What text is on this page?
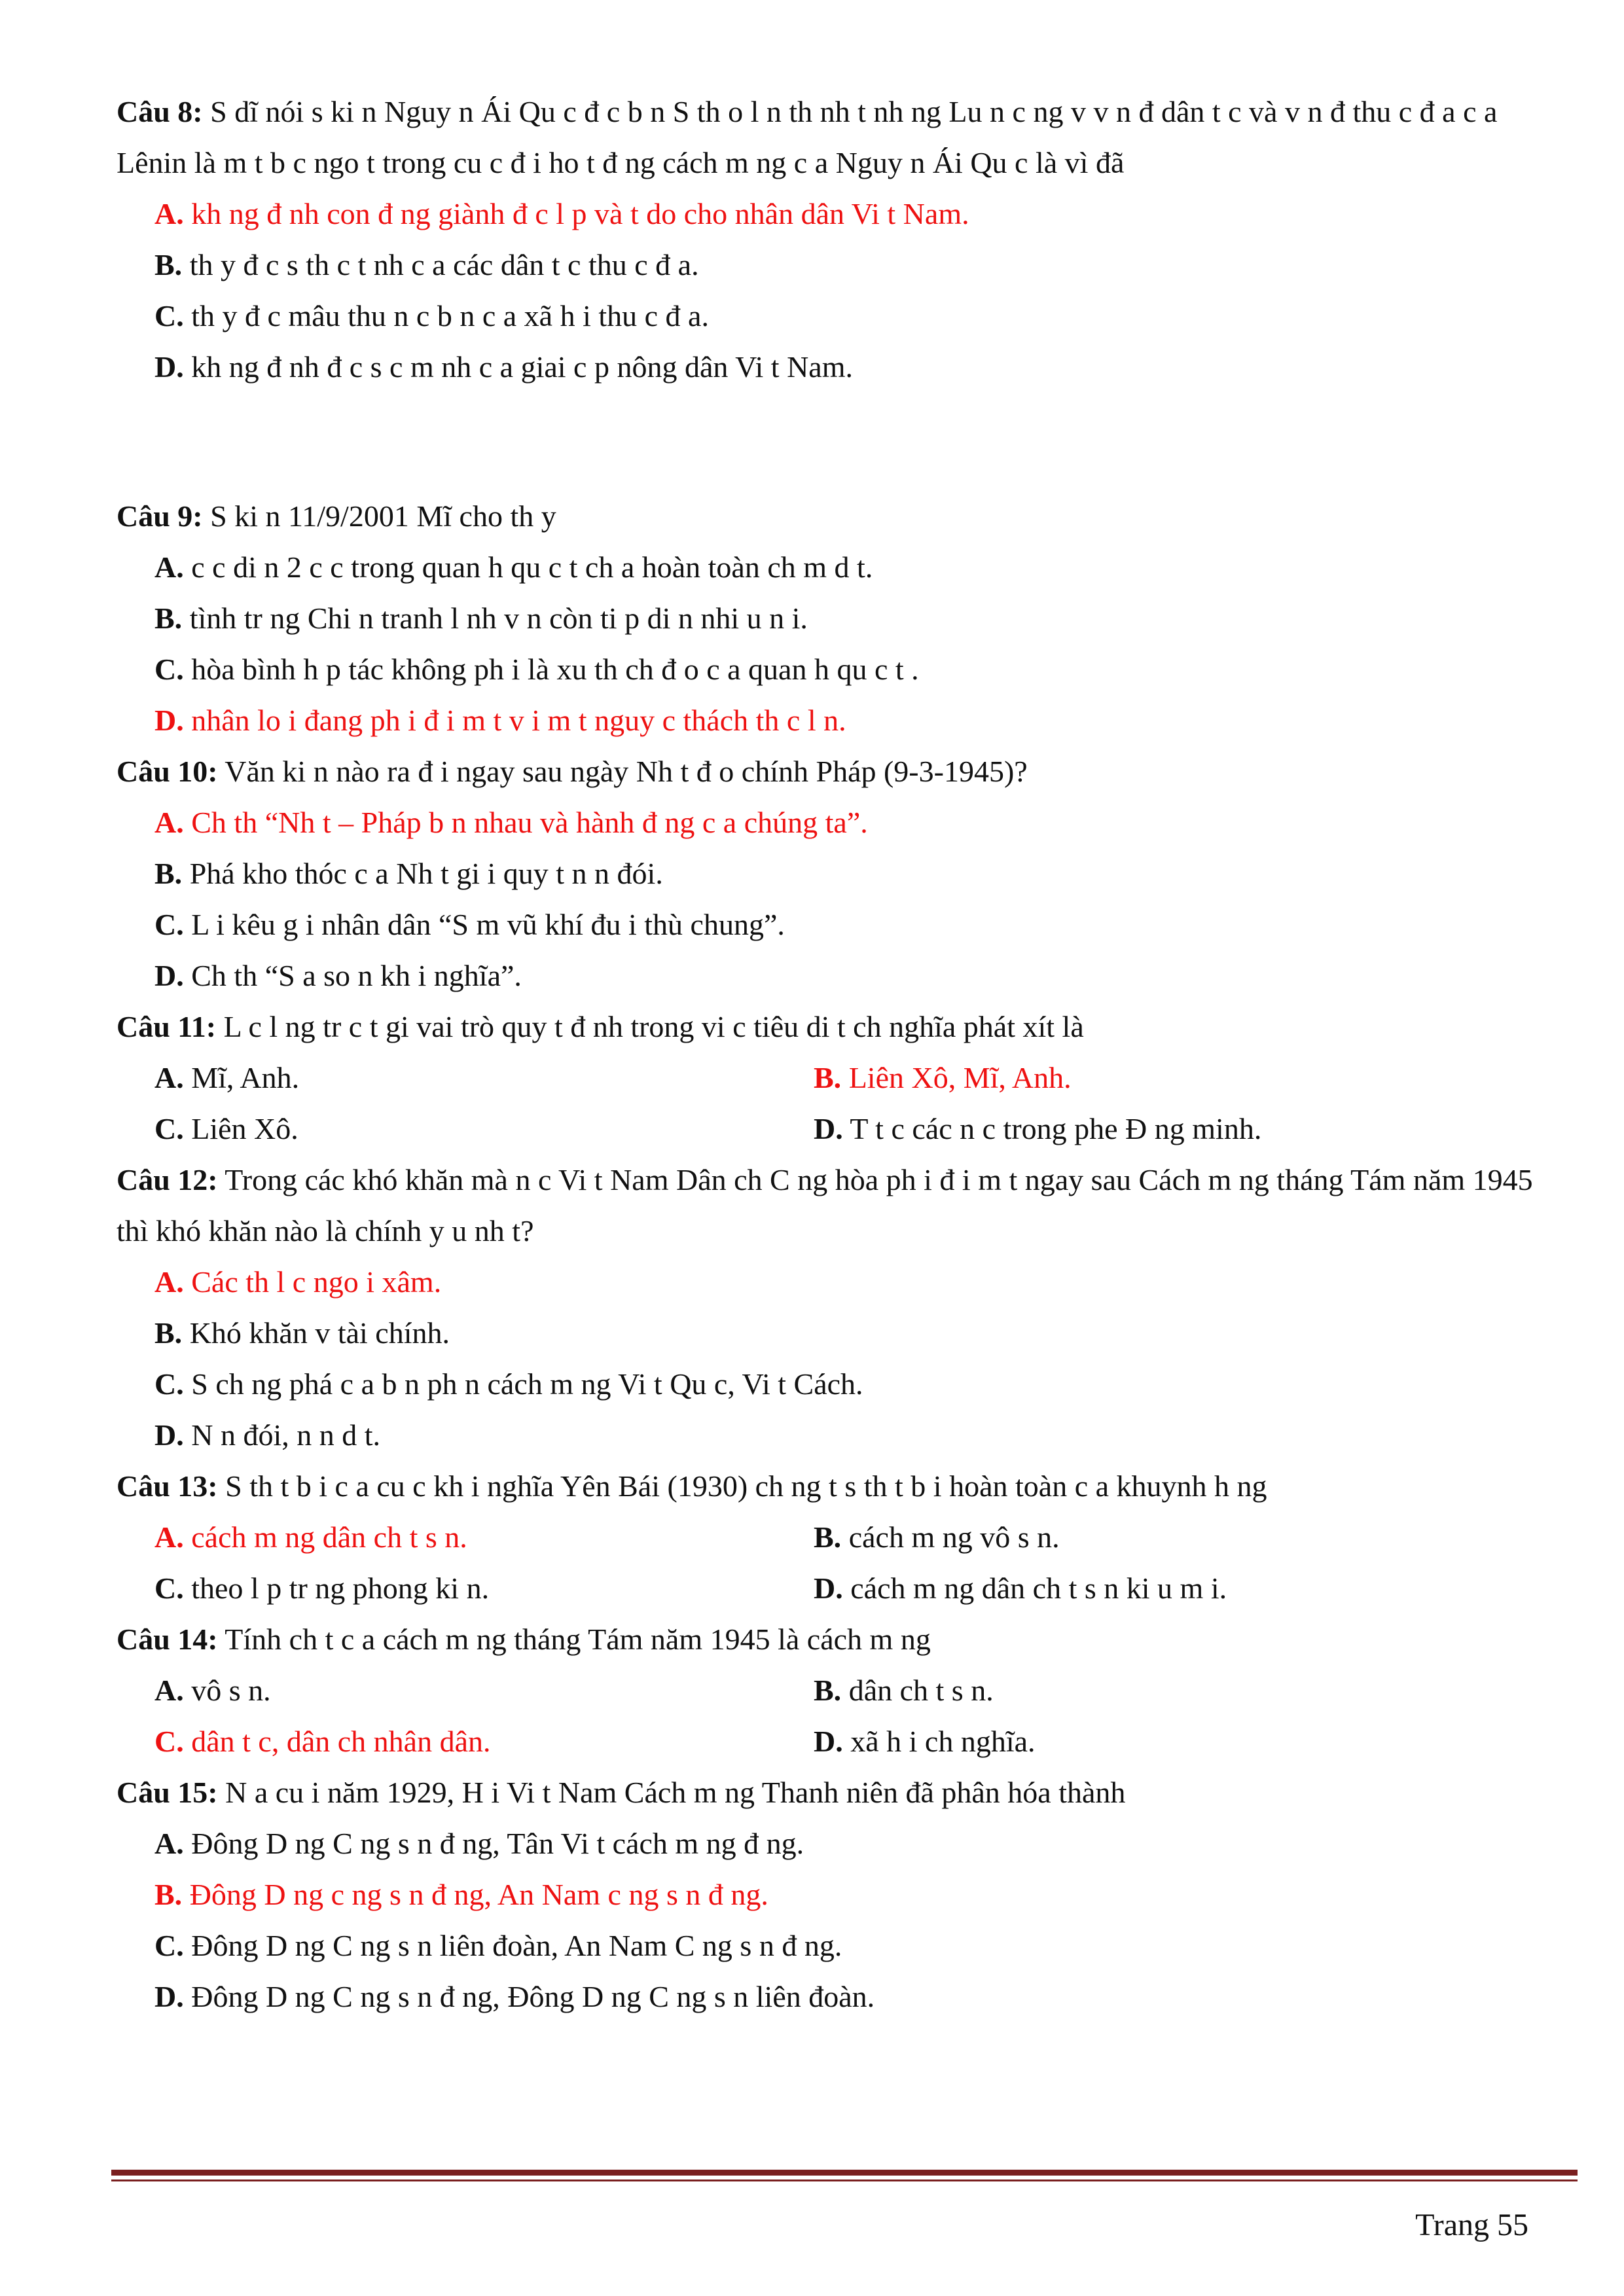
Câu 8: S dĩ nói s ki n Nguy n Ái Qu c đ c b n S th o l n th nh t nh ng Lu n c ng v v n đ dân t c và v n đ thu c đ a c a Lênin là m t b c ngo t trong cu c đ i ho t đ ng cách m ng c a Nguy n Ái Qu c là vì đã

A. kh ng đ nh con đ ng giành đ c l p và t do cho nhân dân Vi t Nam.

B. th y đ c s th c t nh c a các dân t c thu c đ a.

C. th y đ c mâu thu n c b n c a xã h i thu c đ a.

D. kh ng đ nh đ c s c m nh c a giai c p nông dân Vi t Nam.

Câu 9: S ki n 11/9/2001 Mĩ cho th y

A. c c di n 2 c c trong quan h qu c t ch a hoàn toàn ch m d t.

B. tình tr ng Chi n tranh l nh v n còn ti p di n nhi u n i.

C. hòa bình h p tác không ph i là xu th ch đ o c a quan h qu c t .

D. nhân lo i đang ph i đ i m t v i m t nguy c thách th c l n.

Câu 10: Văn ki n nào ra đ i ngay sau ngày Nh t đ o chính Pháp (9-3-1945)?

A. Ch th “Nh t – Pháp b n nhau và hành đ ng c a chúng ta”.

B. Phá kho thóc c a Nh t gi i quy t n n đói.

C. L i kêu g i nhân dân “S m vũ khí đu i thù chung”.

D. Ch th “S a so n kh i nghĩa”.

Câu 11: L c l ng tr c t gi vai trò quy t đ nh trong vi c tiêu di t ch nghĩa phát xít là

A. Mĩ, Anh.	B. Liên Xô, Mĩ, Anh.

C. Liên Xô.	D. T t c các n c trong phe Đ ng minh.

Câu 12: Trong các khó khăn mà n c Vi t Nam Dân ch C ng hòa ph i đ i m t ngay sau Cách m ng tháng Tám năm 1945 thì khó khăn nào là chính y u nh t?

A. Các th l c ngo i xâm.

B. Khó khăn v tài chính.

C. S ch ng phá c a b n ph n cách m ng Vi t Qu c, Vi t Cách.

D. N n đói, n n d t.

Câu 13: S th t b i c a cu c kh i nghĩa Yên Bái (1930) ch ng t s th t b i hoàn toàn c a khuynh h ng

A. cách m ng dân ch t s n.	B. cách m ng vô s n.

C. theo l p tr ng phong ki n.	D. cách m ng dân ch t s n ki u m i.

Câu 14: Tính ch t c a cách m ng tháng Tám năm 1945 là cách m ng

A. vô s n.	B. dân ch t s n.

C. dân t c, dân ch nhân dân.	D. xã h i ch nghĩa.

Câu 15: N a cu i năm 1929, H i Vi t Nam Cách m ng Thanh niên đã phân hóa thành

A. Đông D ng C ng s n đ ng, Tân Vi t cách m ng đ ng.

B. Đông D ng c ng s n đ ng, An Nam c ng s n đ ng.

C. Đông D ng C ng s n liên đoàn, An Nam C ng s n đ ng.

D. Đông D ng C ng s n đ ng, Đông D ng C ng s n liên đoàn.

Trang 55
